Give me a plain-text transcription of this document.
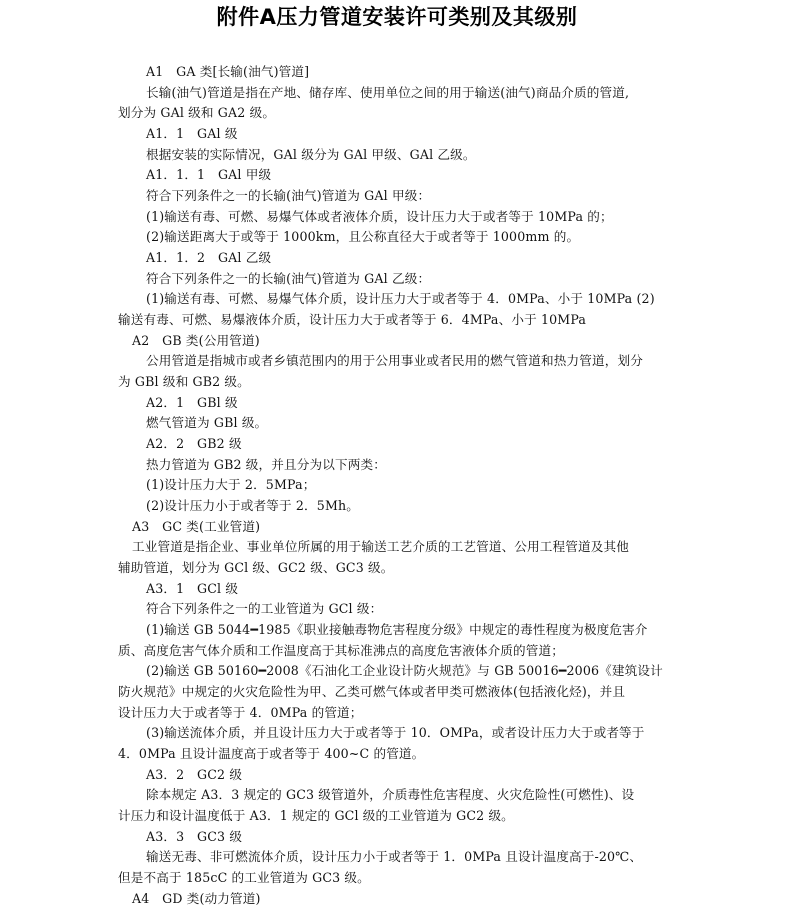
附件A压力管道安装许可类别及其级别
A1　GA 类[长输(油气)管道]
长输(油气)管道是指在产地、储存库、使用单位之间的用于输送(油气)商品介质的管道,
划分为 GAl 级和 GA2 级。
A1．1　GAl 级
根据安装的实际情况，GAl 级分为 GAl 甲级、GAl 乙级。
A1．1．1　GAl 甲级
符合下列条件之一的长输(油气)管道为 GAl 甲级：
(1)输送有毒、可燃、易爆气体或者液体介质，设计压力大于或者等于 10MPa 的；
(2)输送距离大于或等于 1000km，且公称直径大于或者等于 1000mm 的。
A1．1．2　GAl 乙级
符合下列条件之一的长输(油气)管道为 GAl 乙级：
(1)输送有毒、可燃、易爆气体介质，设计压力大于或者等于 4．0MPa、小于 10MPa (2)
输送有毒、可燃、易爆液体介质，设计压力大于或者等于 6．4MPa、小于 10MPa
A2　GB 类(公用管道)
公用管道是指城市或者乡镇范围内的用于公用事业或者民用的燃气管道和热力管道，划分
为 GBl 级和 GB2 级。
A2．1　GBl 级
燃气管道为 GBl 级。
A2．2　GB2 级
热力管道为 GB2 级，并且分为以下两类：
(1)设计压力大于 2．5MPa；
(2)设计压力小于或者等于 2．5Mh。
A3　GC 类(工业管道)
工业管道是指企业、事业单位所属的用于输送工艺介质的工艺管道、公用工程管道及其他
辅助管道，划分为 GCl 级、GC2 级、GC3 级。
A3．1　GCl 级
符合下列条件之一的工业管道为 GCl 级：
(1)输送 GB 5044━1985《职业接触毒物危害程度分级》中规定的毒性程度为极度危害介
质、高度危害气体介质和工作温度高于其标准沸点的高度危害液体介质的管道；
(2)输送 GB 50160━2008《石油化工企业设计防火规范》与 GB 50016━2006《建筑设计
防火规范》中规定的火灾危险性为甲、乙类可燃气体或者甲类可燃液体(包括液化烃)，并且
设计压力大于或者等于 4．0MPa 的管道；
(3)输送流体介质，并且设计压力大于或者等于 10．OMPa，或者设计压力大于或者等于
4．0MPa 且设计温度高于或者等于 400~C 的管道。
A3．2　GC2 级
除本规定 A3．3 规定的 GC3 级管道外，介质毒性危害程度、火灾危险性(可燃性)、设
计压力和设计温度低于 A3．1 规定的 GCl 级的工业管道为 GC2 级。
A3．3　GC3 级
输送无毒、非可燃流体介质，设计压力小于或者等于 1．0MPa 且设计温度高于-20℃、
但是不高于 185cC 的工业管道为 GC3 级。
A4　GD 类(动力管道)
